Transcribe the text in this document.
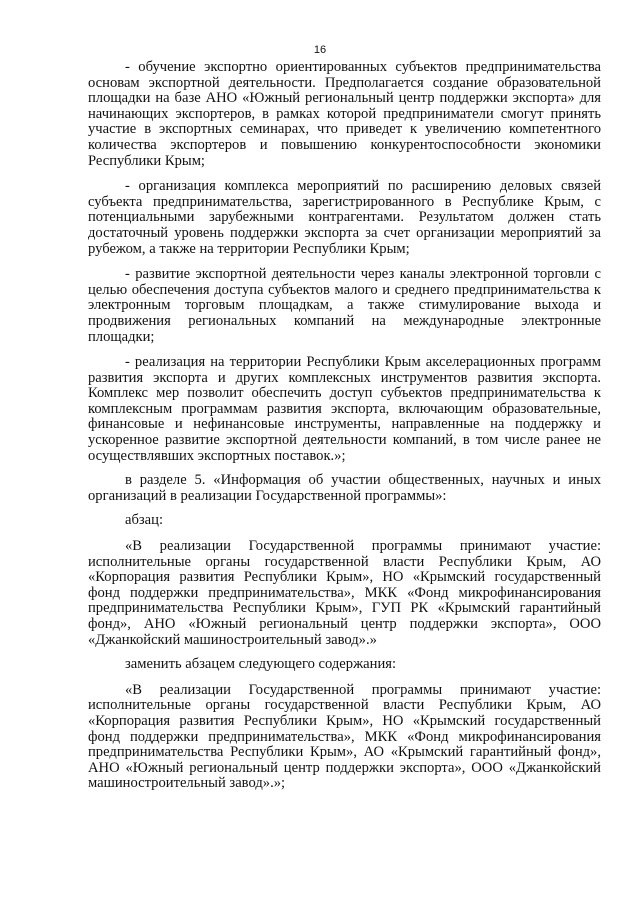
16

- обучение экспортно ориентированных субъектов предпринимательства основам экспортной деятельности. Предполагается создание образовательной площадки на базе АНО «Южный региональный центр поддержки экспорта» для начинающих экспортеров, в рамках которой предприниматели смогут принять участие в экспортных семинарах, что приведет к увеличению компетентного количества экспортеров и повышению конкурентоспособности экономики Республики Крым;

- организация комплекса мероприятий по расширению деловых связей субъекта предпринимательства, зарегистрированного в Республике Крым, с потенциальными зарубежными контрагентами. Результатом должен стать достаточный уровень поддержки экспорта за счет организации мероприятий за рубежом, а также на территории Республики Крым;

- развитие экспортной деятельности через каналы электронной торговли с целью обеспечения доступа субъектов малого и среднего предпринимательства к электронным торговым площадкам, а также стимулирование выхода и продвижения региональных компаний на международные электронные площадки;

- реализация на территории Республики Крым акселерационных программ развития экспорта и других комплексных инструментов развития экспорта. Комплекс мер позволит обеспечить доступ субъектов предпринимательства к комплексным программам развития экспорта, включающим образовательные, финансовые и нефинансовые инструменты, направленные на поддержку и ускоренное развитие экспортной деятельности компаний, в том числе ранее не осуществлявших экспортных поставок.»;

в разделе 5. «Информация об участии общественных, научных и иных организаций в реализации Государственной программы»:

абзац:

«В реализации Государственной программы принимают участие: исполнительные органы государственной власти Республики Крым, АО «Корпорация развития Республики Крым», НО «Крымский государственный фонд поддержки предпринимательства», МКК «Фонд микрофинансирования предпринимательства Республики Крым», ГУП РК «Крымский гарантийный фонд», АНО «Южный региональный центр поддержки экспорта», ООО «Джанкойский машиностроительный завод».»

заменить абзацем следующего содержания:

«В реализации Государственной программы принимают участие: исполнительные органы государственной власти Республики Крым, АО «Корпорация развития Республики Крым», НО «Крымский государственный фонд поддержки предпринимательства», МКК «Фонд микрофинансирования предпринимательства Республики Крым», АО «Крымский гарантийный фонд», АНО «Южный региональный центр поддержки экспорта», ООО «Джанкойский машиностроительный завод».»;
